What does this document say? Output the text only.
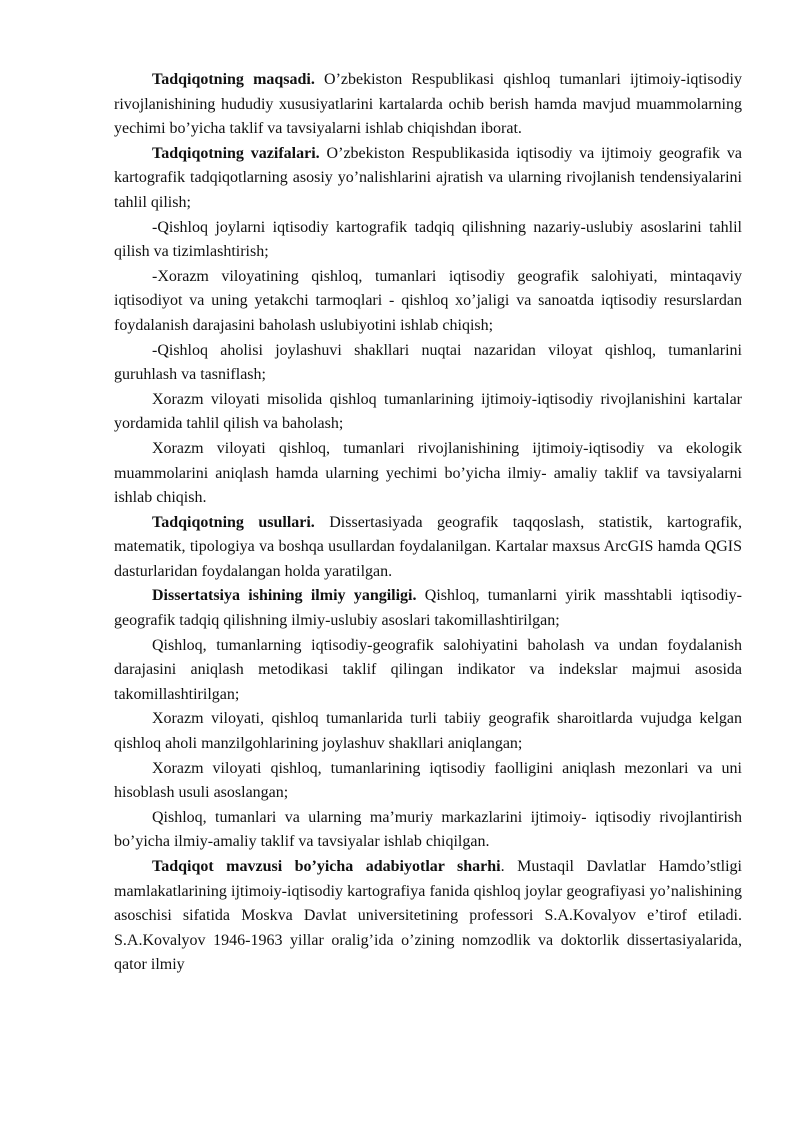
Tadqiqotning maqsadi. O’zbekiston Respublikasi qishloq tumanlari ijtimoiy-iqtisodiy rivojlanishining hududiy xususiyatlarini kartalarda ochib berish hamda mavjud muammolarning yechimi bo’yicha taklif va tavsiyalarni ishlab chiqishdan iborat.

Tadqiqotning vazifalari. O’zbekiston Respublikasida iqtisodiy va ijtimoiy geografik va kartografik tadqiqotlarning asosiy yo’nalishlarini ajratish va ularning rivojlanish tendensiyalarini tahlil qilish;

-Qishloq joylarni iqtisodiy kartografik tadqiq qilishning nazariy-uslubiy asoslarini tahlil qilish va tizimlashtirish;

-Xorazm viloyatining qishloq, tumanlari iqtisodiy geografik salohiyati, mintaqaviy iqtisodiyot va uning yetakchi tarmoqlari - qishloq xo’jaligi va sanoatda iqtisodiy resurslardan foydalanish darajasini baholash uslubiyotini ishlab chiqish;

-Qishloq aholisi joylashuvi shakllari nuqtai nazaridan viloyat qishloq, tumanlarini guruhlash va tasniflash;

Xorazm viloyati misolida qishloq tumanlarining ijtimoiy-iqtisodiy rivojlanishini kartalar yordamida tahlil qilish va baholash;

Xorazm viloyati qishloq, tumanlari rivojlanishining ijtimoiy-iqtisodiy va ekologik muammolarini aniqlash hamda ularning yechimi bo’yicha ilmiy- amaliy taklif va tavsiyalarni ishlab chiqish.

Tadqiqotning usullari. Dissertasiyada geografik taqqoslash, statistik, kartografik, matematik, tipologiya va boshqa usullardan foydalanilgan. Kartalar maxsus ArcGIS hamda QGIS dasturlaridan foydalangan holda yaratilgan.

Dissertatsiya ishining ilmiy yangiligi. Qishloq, tumanlarni yirik masshtabli iqtisodiy-geografik tadqiq qilishning ilmiy-uslubiy asoslari takomillashtirilgan;

Qishloq, tumanlarning iqtisodiy-geografik salohiyatini baholash va undan foydalanish darajasini aniqlash metodikasi taklif qilingan indikator va indekslar majmui asosida takomillashtirilgan;

Xorazm viloyati, qishloq tumanlarida turli tabiiy geografik sharoitlarda vujudga kelgan qishloq aholi manzilgohlarining joylashuv shakllari aniqlangan;

Xorazm viloyati qishloq, tumanlarining iqtisodiy faolligini aniqlash mezonlari va uni hisoblash usuli asoslangan;

Qishloq, tumanlari va ularning ma’muriy markazlarini ijtimoiy- iqtisodiy rivojlantirish bo’yicha ilmiy-amaliy taklif va tavsiyalar ishlab chiqilgan.

Tadqiqot mavzusi bo’yicha adabiyotlar sharhi. Mustaqil Davlatlar Hamdo’stligi mamlakatlarining ijtimoiy-iqtisodiy kartografiya fanida qishloq joylar geografiyasi yo’nalishining asoschisi sifatida Moskva Davlat universitetining professori S.A.Kovalyov e’tirof etiladi. S.A.Kovalyov 1946-1963 yillar oralig’ida o’zining nomzodlik va doktorlik dissertasiyalarida, qator ilmiy
